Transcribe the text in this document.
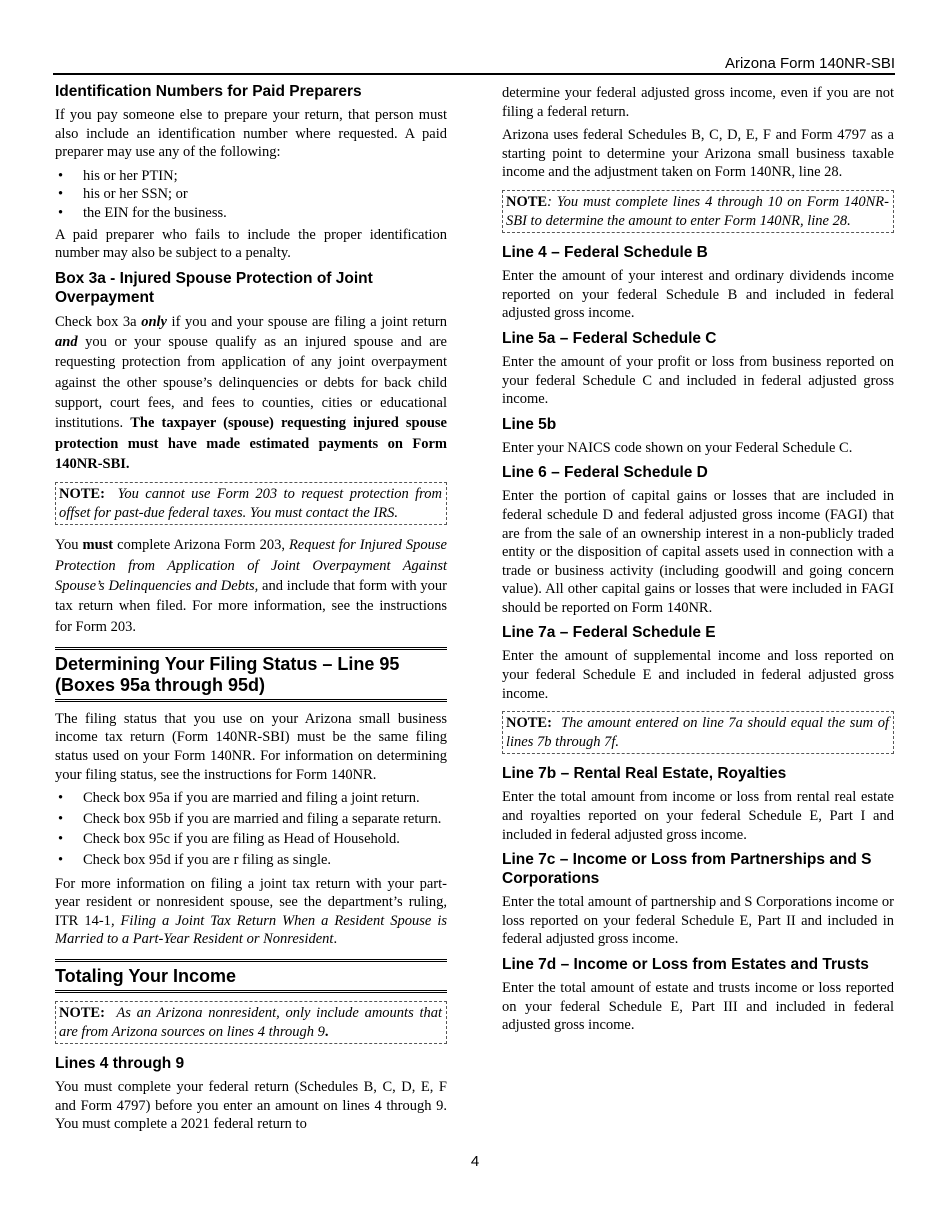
Arizona Form 140NR-SBI
Identification Numbers for Paid Preparers

If you pay someone else to prepare your return, that person must also include an identification number where requested. A paid preparer may use any of the following:

• his or her PTIN;
• his or her SSN; or
• the EIN for the business.

A paid preparer who fails to include the proper identification number may also be subject to a penalty.

Box 3a - Injured Spouse Protection of Joint Overpayment

Check box 3a only if you and your spouse are filing a joint return and you or your spouse qualify as an injured spouse and are requesting protection from application of any joint overpayment against the other spouse’s delinquencies or debts for back child support, court fees, and fees to counties, cities or educational institutions. The taxpayer (spouse) requesting injured spouse protection must have made estimated payments on Form 140NR-SBI.

NOTE: You cannot use Form 203 to request protection from offset for past-due federal taxes. You must contact the IRS.

You must complete Arizona Form 203, Request for Injured Spouse Protection from Application of Joint Overpayment Against Spouse’s Delinquencies and Debts, and include that form with your tax return when filed. For more information, see the instructions for Form 203.

Determining Your Filing Status – Line 95 (Boxes 95a through 95d)

The filing status that you use on your Arizona small business income tax return (Form 140NR-SBI) must be the same filing status used on your Form 140NR. For information on determining your filing status, see the instructions for Form 140NR.

• Check box 95a if you are married and filing a joint return.
• Check box 95b if you are married and filing a separate return.
• Check box 95c if you are filing as Head of Household.
• Check box 95d if you are r filing as single.

For more information on filing a joint tax return with your part-year resident or nonresident spouse, see the department’s ruling, ITR 14-1, Filing a Joint Tax Return When a Resident Spouse is Married to a Part-Year Resident or Nonresident.

Totaling Your Income
NOTE: As an Arizona nonresident, only include amounts that are from Arizona sources on lines 4 through 9.
Lines 4 through 9

You must complete your federal return (Schedules B, C, D, E, F and Form 4797) before you enter an amount on lines 4 through 9. You must complete a 2021 federal return to

determine your federal adjusted gross income, even if you are not filing a federal return.

Arizona uses federal Schedules B, C, D, E, F and Form 4797 as a starting point to determine your Arizona small business taxable income and the adjustment taken on Form 140NR, line 28.

NOTE: You must complete lines 4 through 10 on Form 140NR-SBI to determine the amount to enter Form 140NR, line 28.
Line 4 – Federal Schedule B

Enter the amount of your interest and ordinary dividends income reported on your federal Schedule B and included in federal adjusted gross income.

Line 5a – Federal Schedule C

Enter the amount of your profit or loss from business reported on your federal Schedule C and included in federal adjusted gross income.

Line 5b

Enter your NAICS code shown on your Federal Schedule C.

Line 6 – Federal Schedule D

Enter the portion of capital gains or losses that are included in federal schedule D and federal adjusted gross income (FAGI) that are from the sale of an ownership interest in a non-publicly traded entity or the disposition of capital assets used in connection with a trade or business activity (including goodwill and going concern value). All other capital gains or losses that were included in FAGI should be reported on Form 140NR.

Line 7a – Federal Schedule E

Enter the amount of supplemental income and loss reported on your federal Schedule E and included in federal adjusted gross income.

NOTE: The amount entered on line 7a should equal the sum of lines 7b through 7f.
Line 7b – Rental Real Estate, Royalties

Enter the total amount from income or loss from rental real estate and royalties reported on your federal Schedule E, Part I and included in federal adjusted gross income.

Line 7c – Income or Loss from Partnerships and S Corporations

Enter the total amount of partnership and S Corporations income or loss reported on your federal Schedule E, Part II and included in federal adjusted gross income.

Line 7d – Income or Loss from Estates and Trusts

Enter the total amount of estate and trusts income or loss reported on your federal Schedule E, Part III and included in federal adjusted gross income.

4
